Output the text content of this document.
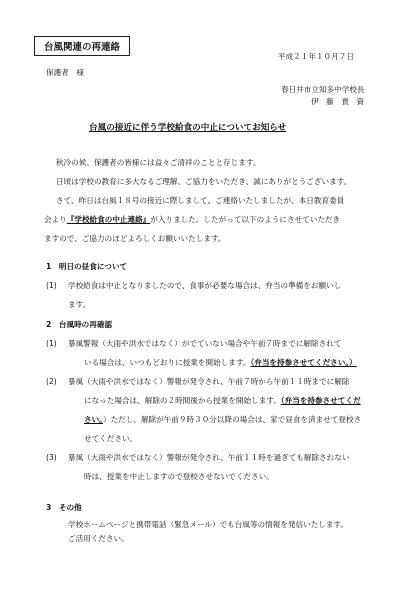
台風関連の再連絡
平成２１年１０月７日
保護者　様
春日井市立知多中学校長
伊　藤　貴　資
台風の接近に伴う学校給食の中止についてお知らせ
秋冷の候、保護者の皆様には益々ご清祥のことと存じます。
日頃は学校の教育に多大なるご理解、ご協力をいただき、誠にありがとうございます。
さて、昨日は台風１８号の接近に際しまして、ご連絡いたしましたが、本日教育委員
会より『学校給食の中止連絡』が入りました。したがって以下のようにさせていただき
ますので、ご協力のほどよろしくお願いいたします。
1　明日の昼食について
(1) 学校給食は中止となりましたので、食事が必要な場合は、弁当の準備をお願いし
ます。
2　台風時の再確認
(1) 暴風警報（大雨や洪水ではなく）がでていない場合や午前７時までに解除されて
いる場合は、いつもどおりに授業を開始します。（弁当を持参させてください。）
(2) 暴風（大雨や洪水ではなく）警報が発令され、午前７時から午前１１時までに解除
になった場合は、解除の２時間後から授業を開始します。（弁当を持参させてくだ
さい。）ただし、解除が午前９時３０分以降の場合は、家で昼食を済ませて登校さ
せてください。
(3) 暴風（大雨や洪水ではなく）警報が発令され、午前１１時を過ぎても解除されない
時は、授業を中止しますので登校させないでください。
3　その他
学校ホームページと携帯電話（緊急メール）でも台風等の情報を発信いたします。
ご活用ください。
